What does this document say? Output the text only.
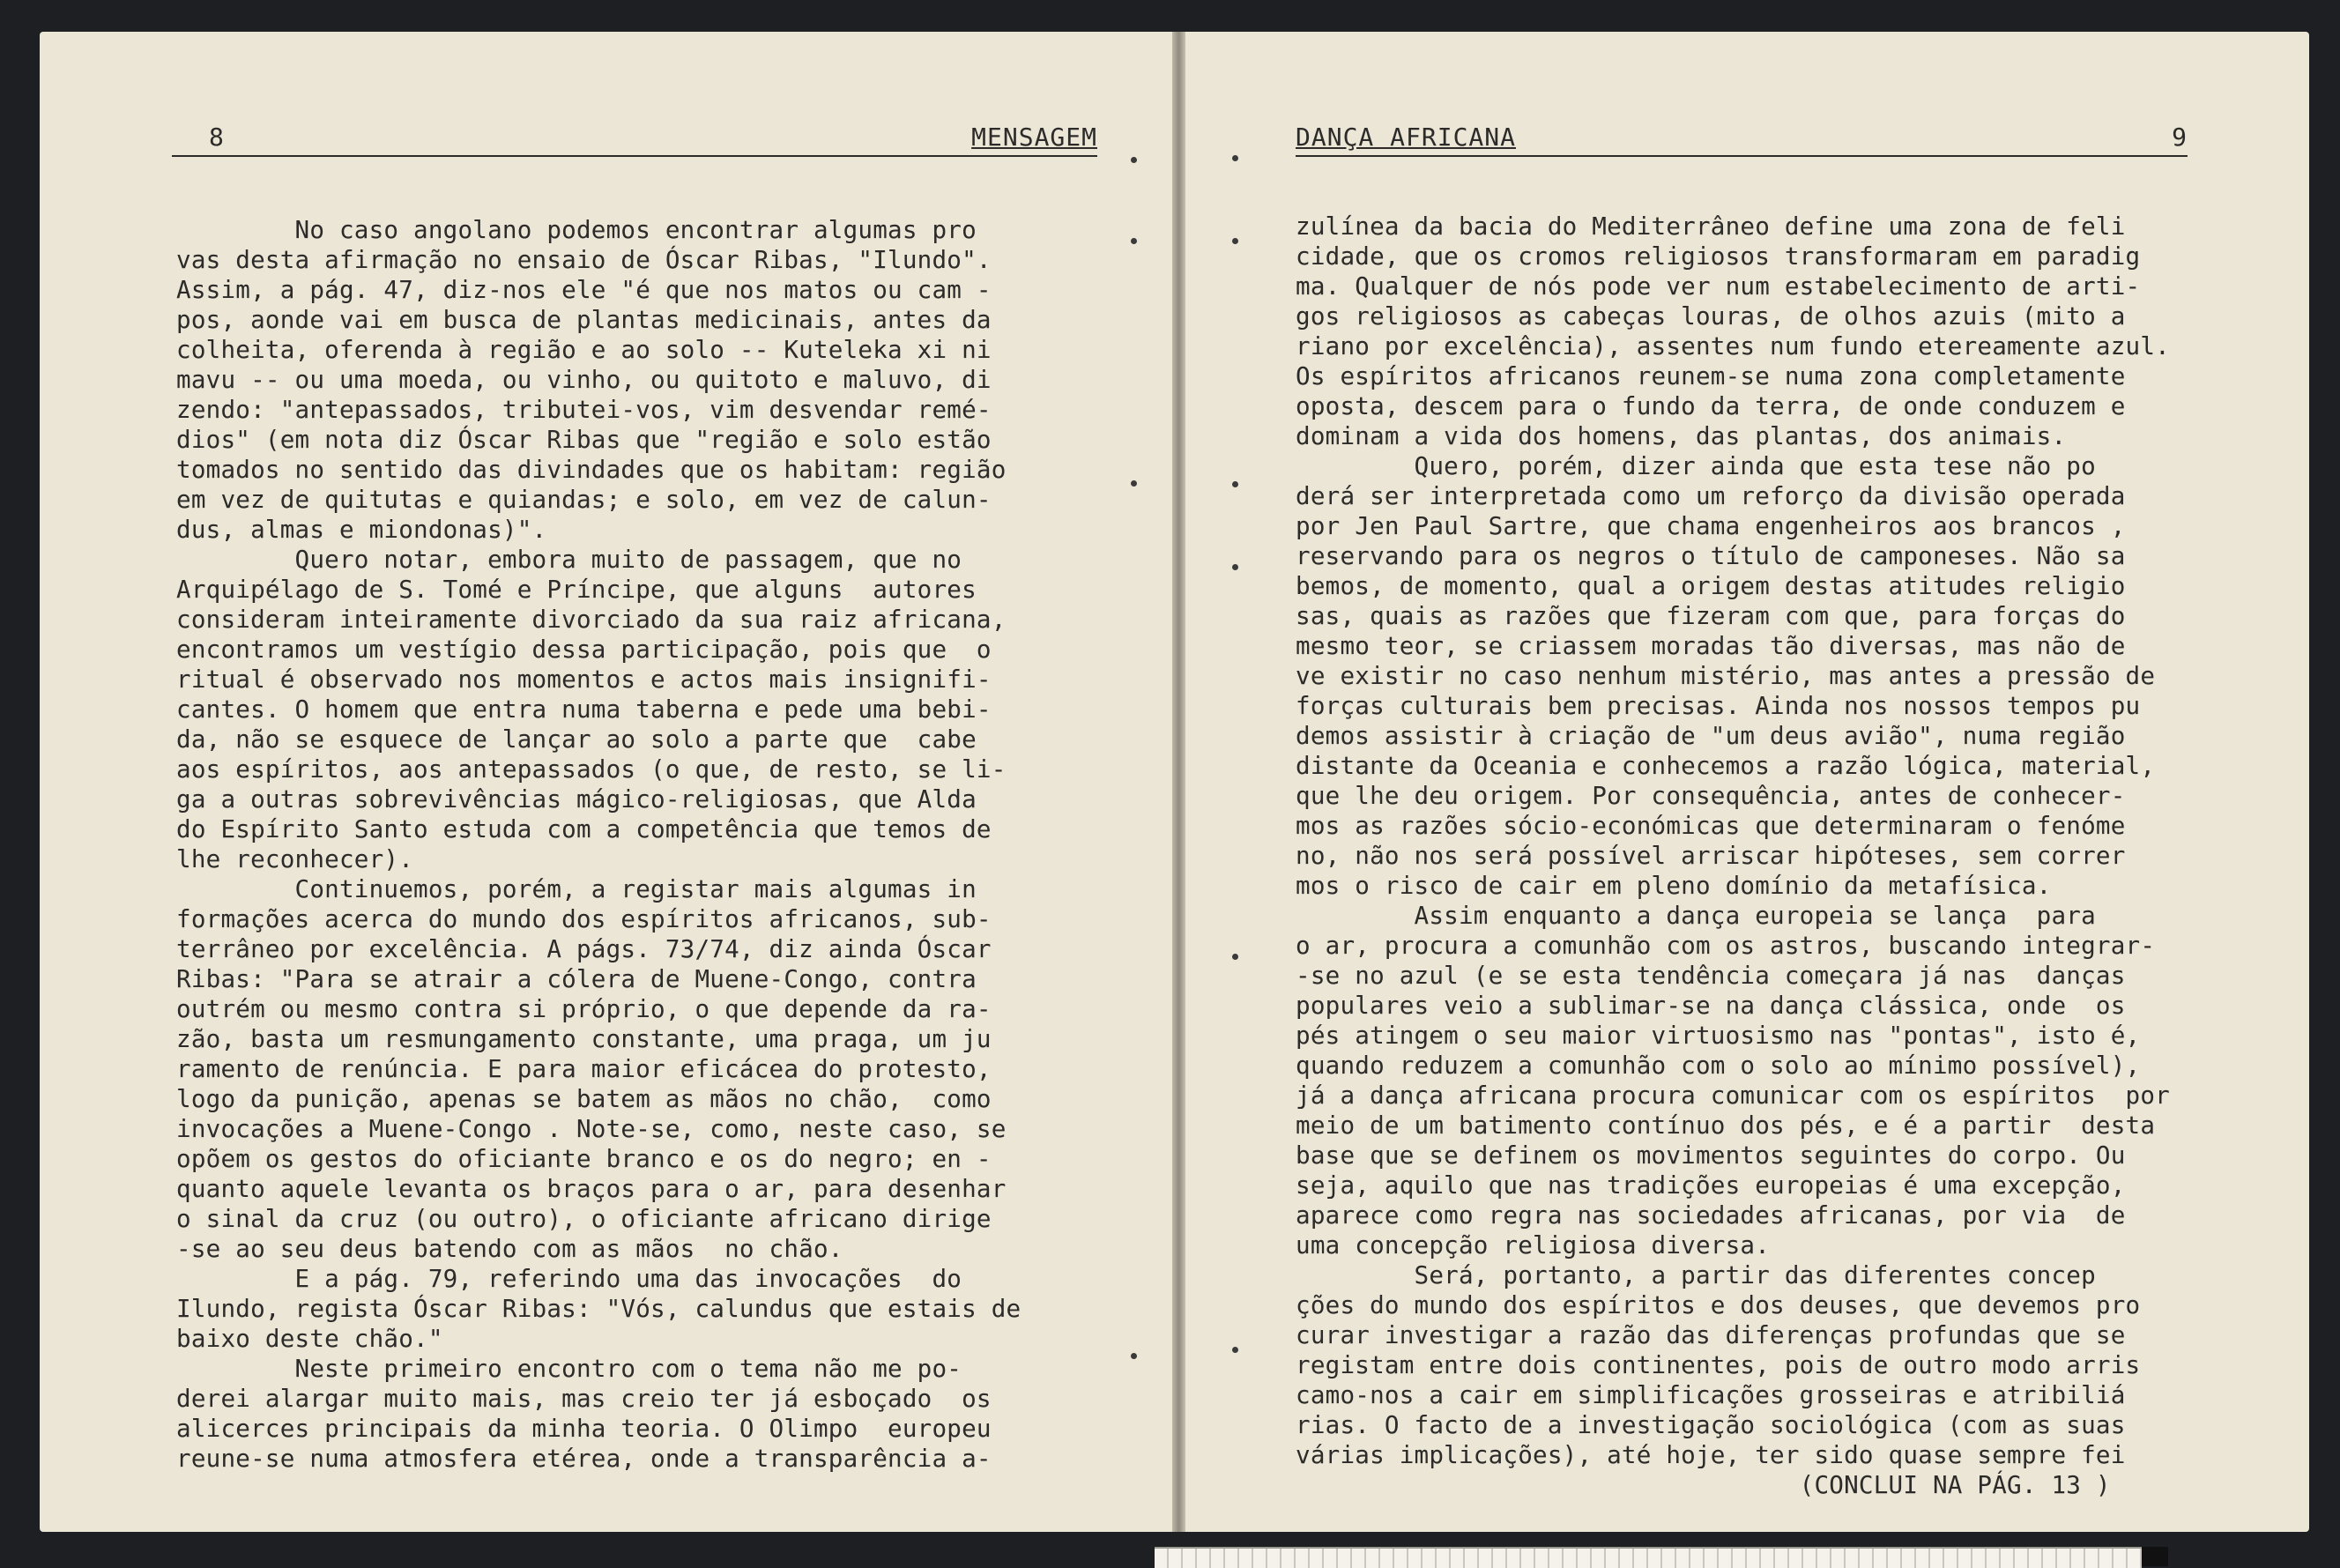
8	MENSAGEM
No caso angolano podemos encontrar algumas pro
vas desta afirmação no ensaio de Óscar Ribas, "Ilundo".
Assim, a pág. 47, diz-nos ele "é que nos matos ou cam -
pos, aonde vai em busca de plantas medicinais, antes da
colheita, oferenda à região e ao solo -- Kuteleka xi ni
mavu -- ou uma moeda, ou vinho, ou quitoto e maluvo, di
zendo: "antepassados, tributei-vos, vim desvendar remé-
dios" (em nota diz Óscar Ribas que "região e solo estão
tomados no sentido das divindades que os habitam: região
em vez de quitutas e quiandas; e solo, em vez de calun-
dus, almas e miondonas)".
Quero notar, embora muito de passagem, que no
Arquipélago de S. Tomé e Príncipe, que alguns  autores
consideram inteiramente divorciado da sua raiz africana,
encontramos um vestígio dessa participação, pois que  o
ritual é observado nos momentos e actos mais insignifi-
cantes. O homem que entra numa taberna e pede uma bebi-
da, não se esquece de lançar ao solo a parte que  cabe
aos espíritos, aos antepassados (o que, de resto, se li-
ga a outras sobrevivências mágico-religiosas, que Alda
do Espírito Santo estuda com a competência que temos de
lhe reconhecer).
Continuemos, porém, a registar mais algumas in
formações acerca do mundo dos espíritos africanos, sub-
terrâneo por excelência. A págs. 73/74, diz ainda Óscar
Ribas: "Para se atrair a cólera de Muene-Congo, contra
outrém ou mesmo contra si próprio, o que depende da ra-
zão, basta um resmungamento constante, uma praga, um ju
ramento de renúncia. E para maior eficácea do protesto,
logo da punição, apenas se batem as mãos no chão,  como
invocações a Muene-Congo . Note-se, como, neste caso, se
opõem os gestos do oficiante branco e os do negro; en -
quanto aquele levanta os braços para o ar, para desenhar
o sinal da cruz (ou outro), o oficiante africano dirige
-se ao seu deus batendo com as mãos  no chão.
E a pág. 79, referindo uma das invocações  do
Ilundo, regista Óscar Ribas: "Vós, calundus que estais de
baixo deste chão."
Neste primeiro encontro com o tema não me po-
derei alargar muito mais, mas creio ter já esboçado  os
alicerces principais da minha teoria. O Olimpo  europeu
reune-se numa atmosfera etérea, onde a transparência a-
DANÇA AFRICANA	9
zulínea da bacia do Mediterrâneo define uma zona de feli
cidade, que os cromos religiosos transformaram em paradig
ma. Qualquer de nós pode ver num estabelecimento de arti-
gos religiosos as cabeças louras, de olhos azuis (mito a
riano por excelência), assentes num fundo etereamente azul.
Os espíritos africanos reunem-se numa zona completamente
oposta, descem para o fundo da terra, de onde conduzem e
dominam a vida dos homens, das plantas, dos animais.
Quero, porém, dizer ainda que esta tese não po
derá ser interpretada como um reforço da divisão operada
por Jen Paul Sartre, que chama engenheiros aos brancos ,
reservando para os negros o título de camponeses. Não sa
bemos, de momento, qual a origem destas atitudes religio
sas, quais as razões que fizeram com que, para forças do
mesmo teor, se criassem moradas tão diversas, mas não de
ve existir no caso nenhum mistério, mas antes a pressão de
forças culturais bem precisas. Ainda nos nossos tempos pu
demos assistir à criação de "um deus avião", numa região
distante da Oceania e conhecemos a razão lógica, material,
que lhe deu origem. Por consequência, antes de conhecer-
mos as razões sócio-económicas que determinaram o fenóme
no, não nos será possível arriscar hipóteses, sem correr
mos o risco de cair em pleno domínio da metafísica.
Assim enquanto a dança europeia se lança  para
o ar, procura a comunhão com os astros, buscando integrar-
-se no azul (e se esta tendência começara já nas  danças
populares veio a sublimar-se na dança clássica, onde  os
pés atingem o seu maior virtuosismo nas "pontas", isto é,
quando reduzem a comunhão com o solo ao mínimo possível),
já a dança africana procura comunicar com os espíritos  por
meio de um batimento contínuo dos pés, e é a partir  desta
base que se definem os movimentos seguintes do corpo. Ou
seja, aquilo que nas tradições europeias é uma excepção,
aparece como regra nas sociedades africanas, por via  de
uma concepção religiosa diversa.
Será, portanto, a partir das diferentes concep
ções do mundo dos espíritos e dos deuses, que devemos pro
curar investigar a razão das diferenças profundas que se
registam entre dois continentes, pois de outro modo arris
camo-nos a cair em simplificações grosseiras e atribiliá
rias. O facto de a investigação sociológica (com as suas
várias implicações), até hoje, ter sido quase sempre fei
(CONCLUI NA PÁG. 13 )
